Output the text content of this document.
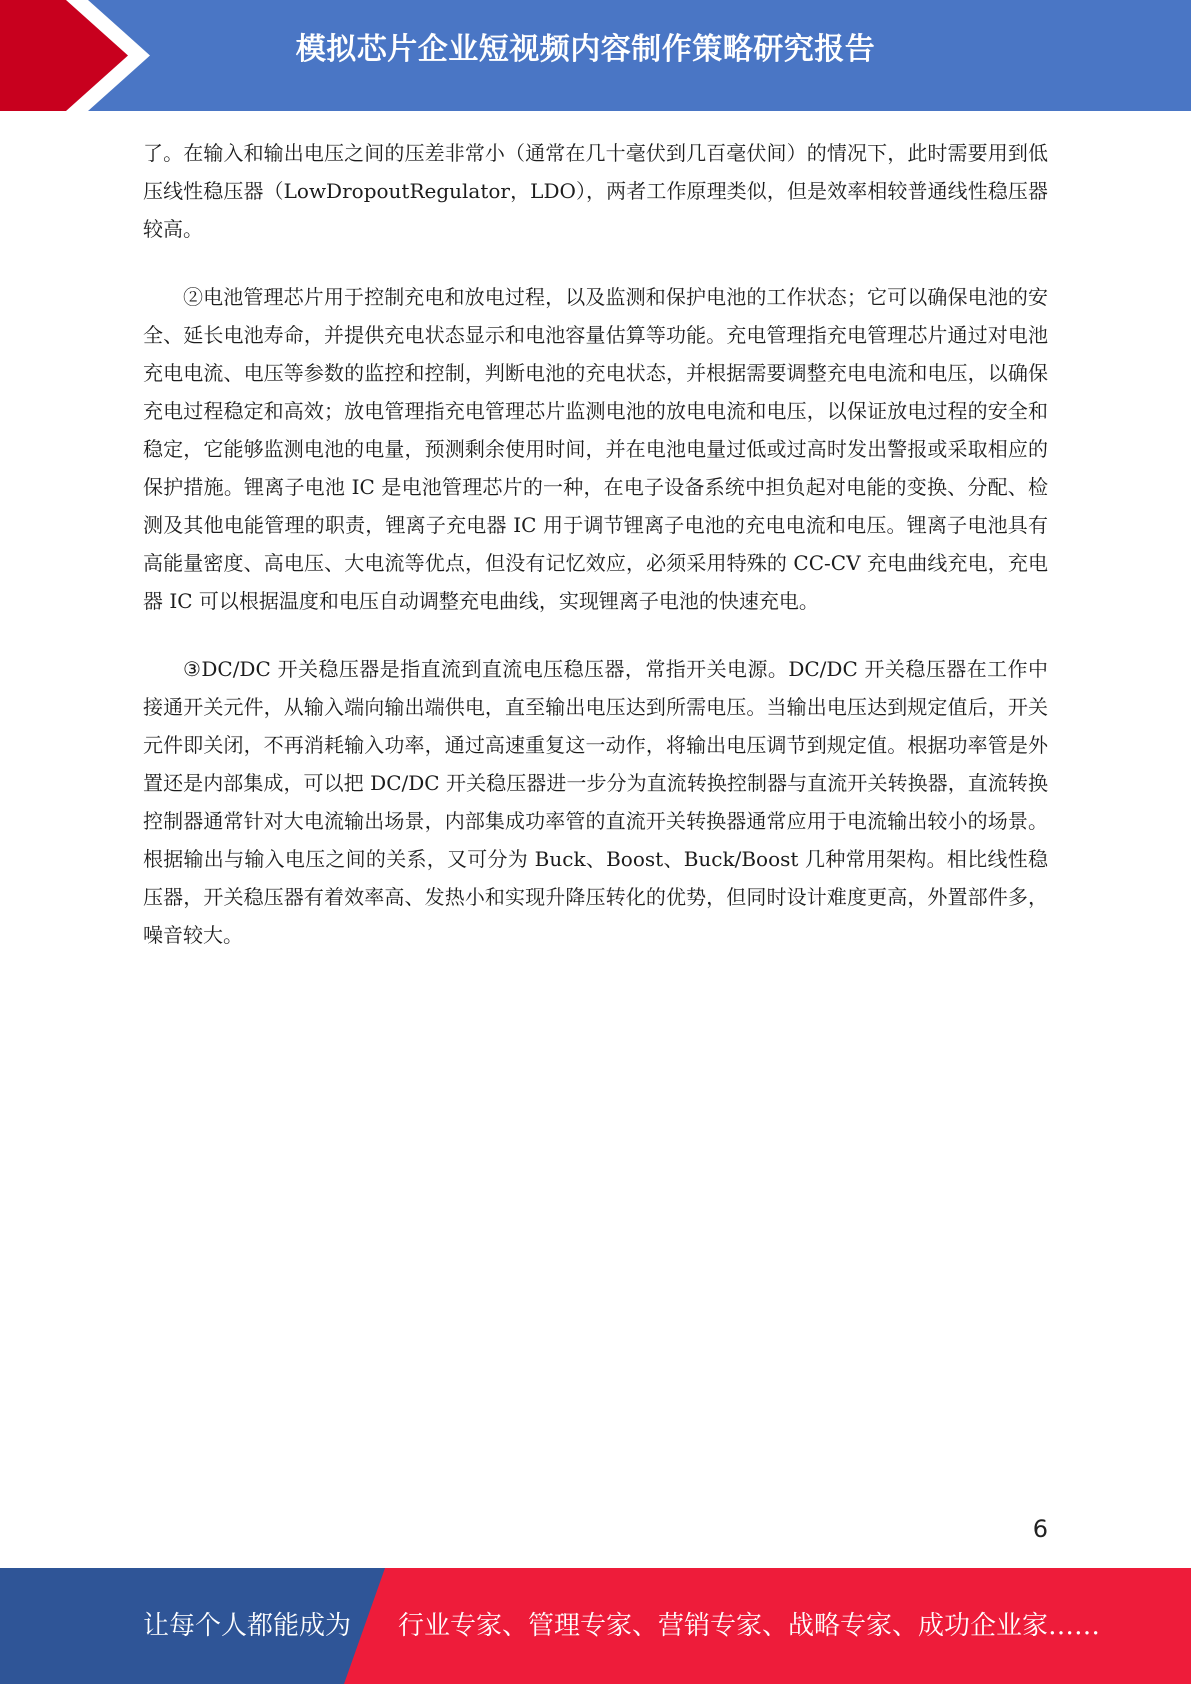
模拟芯片企业短视频内容制作策略研究报告

了。在输入和输出电压之间的压差非常小（通常在几十毫伏到几百毫伏间）的情况下，此时需要用到低压线性稳压器（LowDropoutRegulator，LDO），两者工作原理类似，但是效率相较普通线性稳压器较高。

②电池管理芯片用于控制充电和放电过程，以及监测和保护电池的工作状态；它可以确保电池的安全、延长电池寿命，并提供充电状态显示和电池容量估算等功能。充电管理指充电管理芯片通过对电池充电电流、电压等参数的监控和控制，判断电池的充电状态，并根据需要调整充电电流和电压，以确保充电过程稳定和高效；放电管理指充电管理芯片监测电池的放电电流和电压，以保证放电过程的安全和稳定，它能够监测电池的电量，预测剩余使用时间，并在电池电量过低或过高时发出警报或采取相应的保护措施。锂离子电池 IC 是电池管理芯片的一种，在电子设备系统中担负起对电能的变换、分配、检测及其他电能管理的职责，锂离子充电器 IC 用于调节锂离子电池的充电电流和电压。锂离子电池具有高能量密度、高电压、大电流等优点，但没有记忆效应，必须采用特殊的 CC-CV 充电曲线充电，充电器 IC 可以根据温度和电压自动调整充电曲线，实现锂离子电池的快速充电。

③DC/DC 开关稳压器是指直流到直流电压稳压器，常指开关电源。DC/DC 开关稳压器在工作中接通开关元件，从输入端向输出端供电，直至输出电压达到所需电压。当输出电压达到规定值后，开关元件即关闭，不再消耗输入功率，通过高速重复这一动作，将输出电压调节到规定值。根据功率管是外置还是内部集成，可以把 DC/DC 开关稳压器进一步分为直流转换控制器与直流开关转换器，直流转换控制器通常针对大电流输出场景，内部集成功率管的直流开关转换器通常应用于电流输出较小的场景。根据输出与输入电压之间的关系，又可分为 Buck、Boost、Buck/Boost 几种常用架构。相比线性稳压器，开关稳压器有着效率高、发热小和实现升降压转化的优势，但同时设计难度更高，外置部件多，噪音较大。

6
让每个人都能成为 行业专家、管理专家、营销专家、战略专家、成功企业家……
